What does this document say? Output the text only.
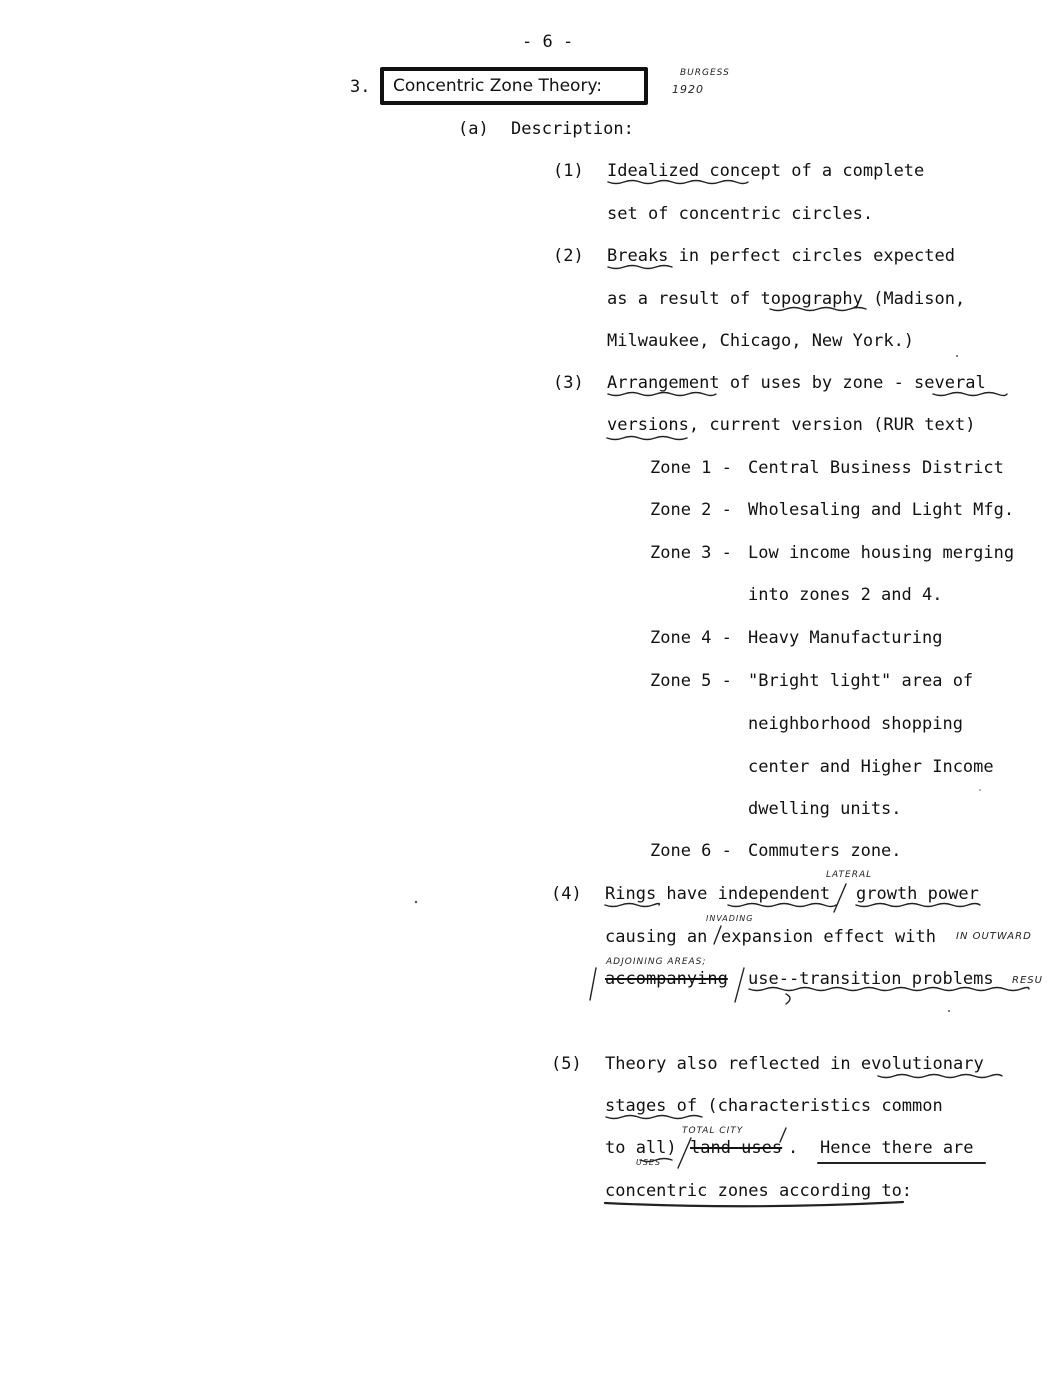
- 6 -
3. Concentric Zone Theory:
BURGESS
1920
(a) Description:
(1) Idealized concept of a complete
set of concentric circles.
(2) Breaks in perfect circles expected
as a result of topography (Madison,
Milwaukee, Chicago, New York.)
(3) Arrangement of uses by zone - several
versions, current version (RUR text)
Zone 1 - Central Business District
Zone 2 - Wholesaling and Light Mfg.
Zone 3 - Low income housing merging
into zones 2 and 4.
Zone 4 - Heavy Manufacturing
Zone 5 - "Bright light" area of
neighborhood shopping
center and Higher Income
dwelling units.
Zone 6 - Commuters zone.
LATERAL
(4) Rings have independent growth power
INVADING
causing an expansion effect with IN OUTWARD
ADJOINING AREAS;
accompanying use--transition problems RESU
(5) Theory also reflected in evolutionary
stages of (characteristics common
TOTAL CITY
to all) land uses . Hence there are
USES
concentric zones according to:
